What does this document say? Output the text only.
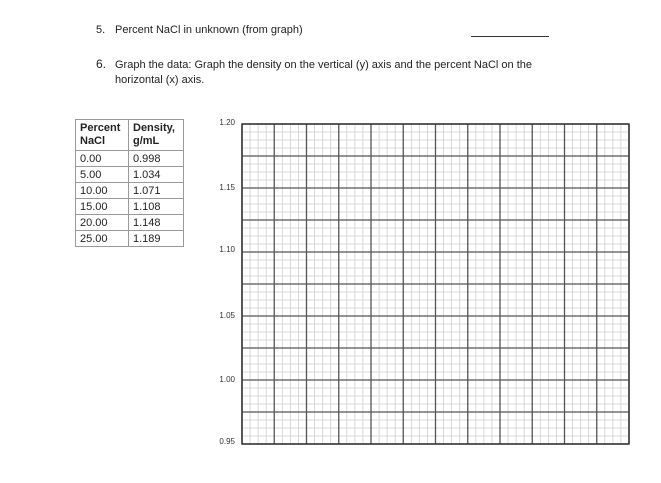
5. Percent NaCl in unknown (from graph)
6. Graph the data: Graph the density on the vertical (y) axis and the percent NaCl on the
horizontal (x) axis.
Percent
NaCl	Density,
g/mL
0.00	0.998
5.00	1.034
10.00	1.071
15.00	1.108
20.00	1.148
25.00	1.189
1.20
1.15
1.10
1.05
1.00
0.95
